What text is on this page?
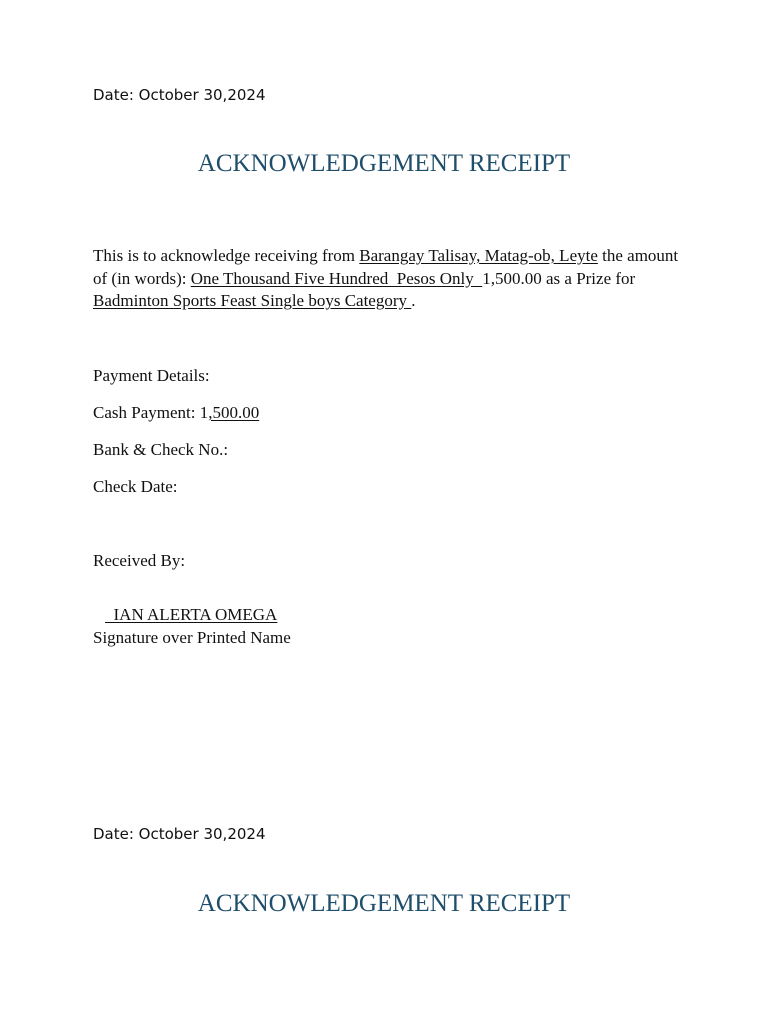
Date: October 30,2024
ACKNOWLEDGEMENT RECEIPT
This is to acknowledge receiving from Barangay Talisay, Matag-ob, Leyte the amount of (in words): One Thousand Five Hundred  Pesos Only  1,500.00 as a Prize for Badminton Sports Feast Single boys Category .
Payment Details:
Cash Payment: 1,500.00
Bank & Check No.:
Check Date:
Received By:
IAN ALERTA OMEGA
Signature over Printed Name
Date: October 30,2024
ACKNOWLEDGEMENT RECEIPT
